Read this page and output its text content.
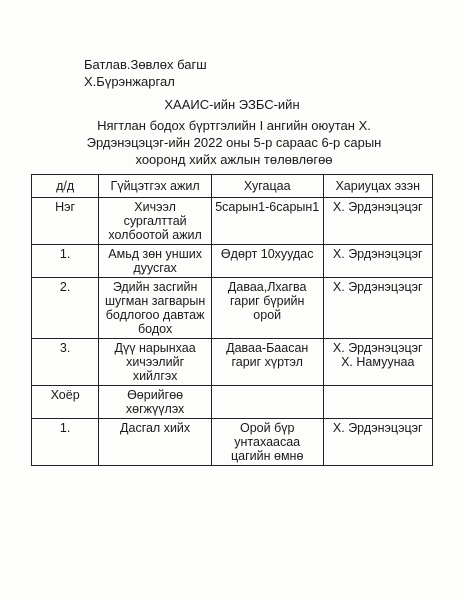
Батлав.Зөвлөх багш
Х.Бүрэнжаргал
ХААИС-ийн ЭЗБС-ийн
Нягтлан бодох бүртгэлийн I ангийн оюутан Х.
Эрдэнэцэцэг-ийн 2022 оны 5-р сараас 6-р сарын
хооронд хийх ажлын төлөвлөгөө
д/д	Гүйцэтгэх ажил	Хугацаа	Хариуцах эзэн
Нэг	Хичээл сургалттай холбоотой ажил	5сарын1-6сарын1	Х. Эрдэнэцэцэг
1.	Амьд зөн унших дуусгах	Өдөрт 10хуудас	Х. Эрдэнэцэцэг
2.	Эдийн засгийн шугман загварын бодлогоо давтаж бодох	Даваа,Лхагва гариг бүрийн орой	Х. Эрдэнэцэцэг
3.	Дүү нарынхаа хичээлийг хийлгэх	Даваа-Баасан гариг хүртэл	Х. Эрдэнэцэцэг Х. Намуунаа
Хоёр	Өөрийгөө хөгжүүлэх		
1.	Дасгал хийх	Орой бүр унтахаасаа цагийн өмнө	Х. Эрдэнэцэцэг
